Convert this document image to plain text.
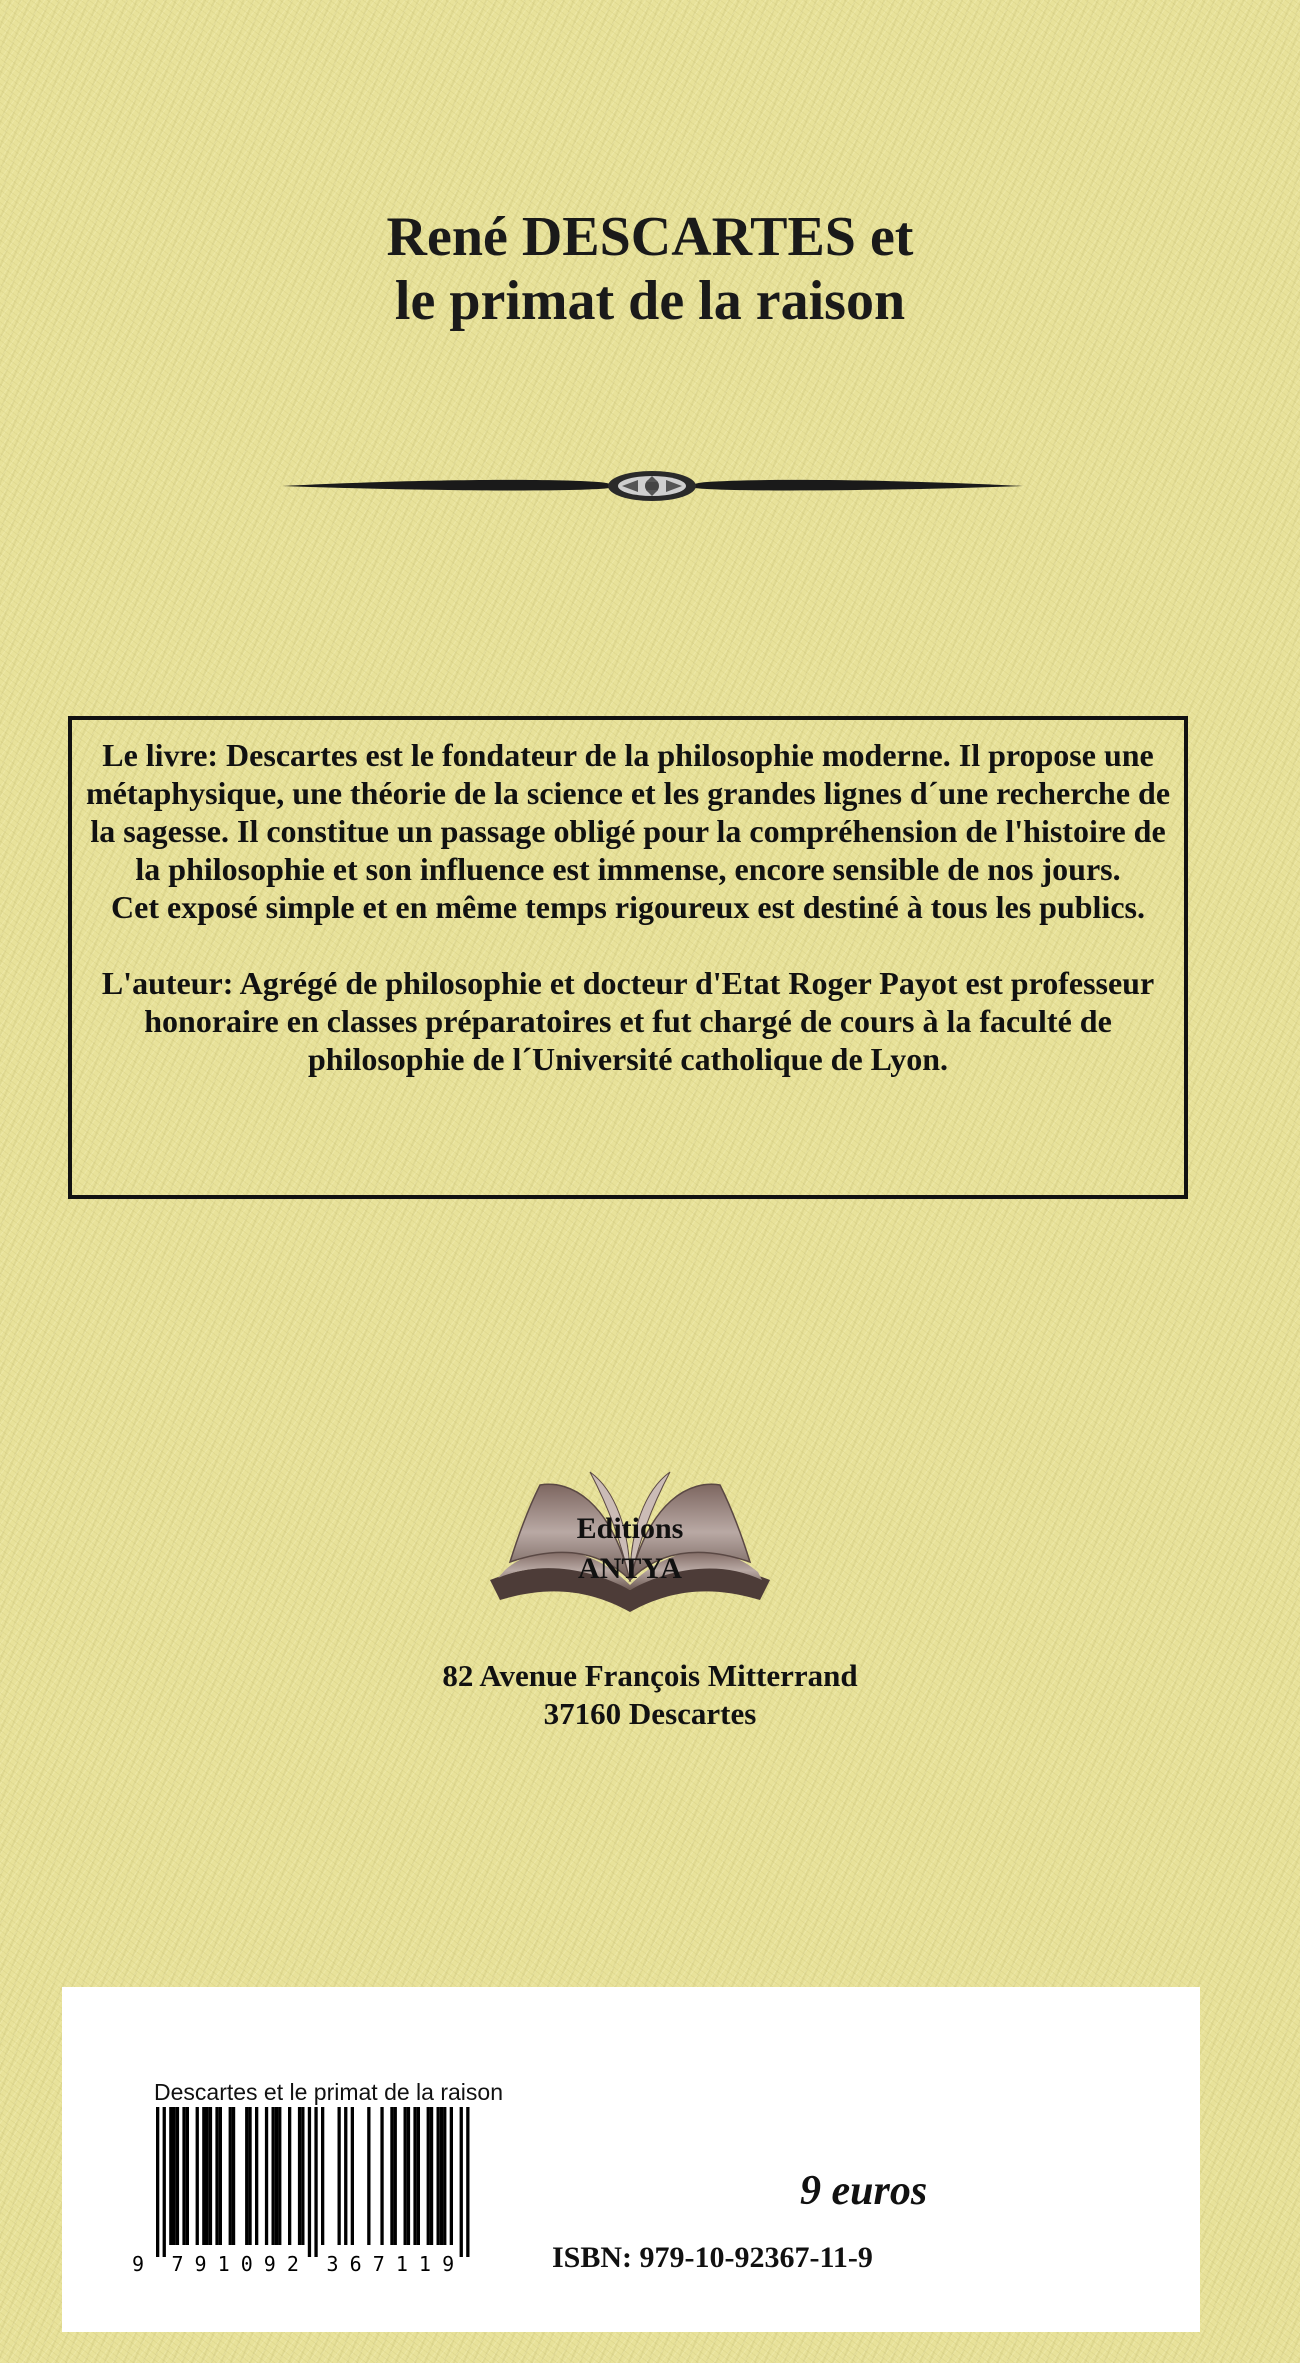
René DESCARTES et
le primat de la raison

Le livre: Descartes est le fondateur de la philosophie moderne. Il propose une métaphysique, une théorie de la science et les grandes lignes d´une recherche de la sagesse. Il constitue un passage obligé pour la compréhension de l'histoire de la philosophie et son influence est immense, encore sensible de nos jours.

Cet exposé simple et en même temps rigoureux est destiné à tous les publics.

L'auteur: Agrégé de philosophie et docteur d'Etat Roger Payot est professeur honoraire en classes préparatoires et fut chargé de cours à la faculté de philosophie de l´Université catholique de Lyon.

Editions
ANTYA
82 Avenue François Mitterrand
37160 Descartes
Descartes et le primat de la raison
9 7 9 1 0 9 2 3 6 7 1 1 9
9 euros
ISBN: 979-10-92367-11-9
